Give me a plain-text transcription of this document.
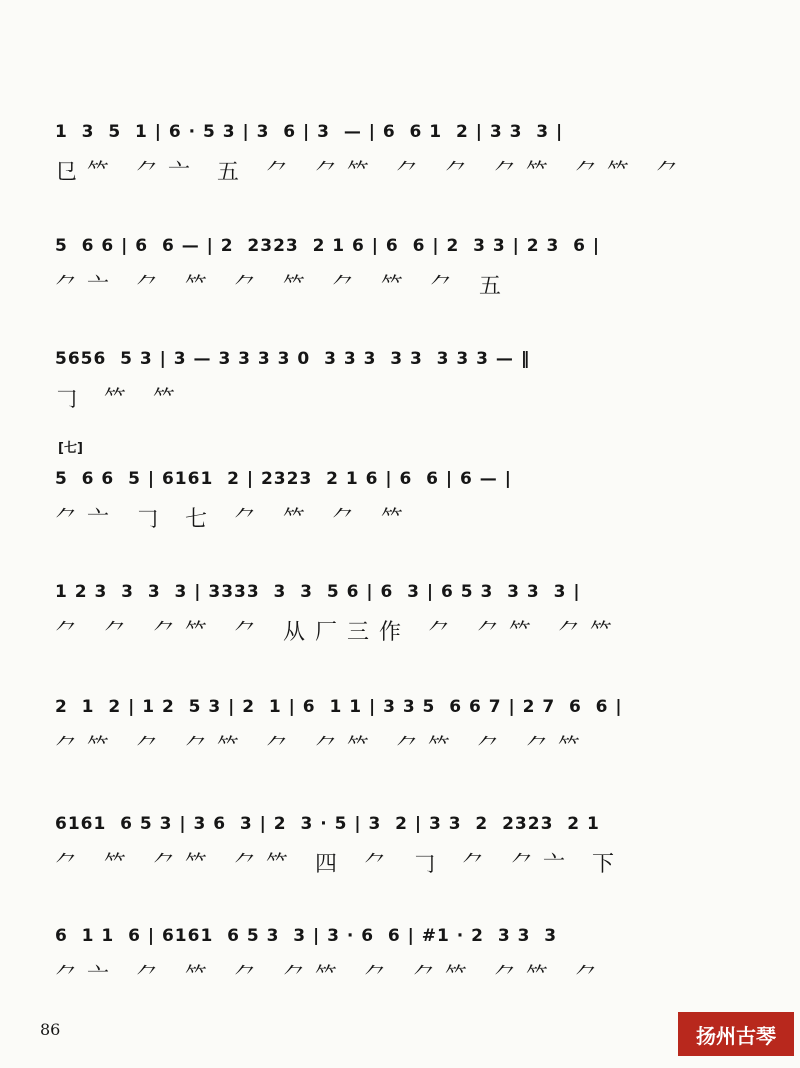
1  3  5  1 | 6 · 5 3 | 3  6 | 3  — | 6  6 1  2 | 3 3  3 |
㔾𥫗 ⺈亠 五 ⺈ ⺈𥫗 ⺈ ⺈ ⺈𥫗 ⺈𥫗 ⺈
5  6 6 | 6  6 — | 2  2323  2 1 6 | 6  6 | 2  3 3 | 2 3  6 |
⺈亠 ⺈ 𥫗 ⺈ 𥫗 ⺈ 𥫗 ⺈ 五
5656  5 3 | 3 — 3 3 3 3 0  3 3 3  3 3  3 3 3 — ‖
𠃌 𥫗 𥫗
[七]
5  6 6  5 | 6161  2 | 2323  2 1 6 | 6  6 | 6 — |
⺈亠 𠃌 七 ⺈ 𥫗 ⺈ 𥫗
1 2 3  3  3  3 | 3333  3  3  5 6 | 6  3 | 6 5 3  3 3  3 |
⺈ ⺈ ⺈𥫗 ⺈ 从厂三作 ⺈ ⺈𥫗 ⺈𥫗
2  1  2 | 1 2  5 3 | 2  1 | 6  1 1 | 3 3 5  6 6 7 | 2 7  6  6 |
⺈𥫗 ⺈ ⺈𥫗 ⺈ ⺈𥫗 ⺈𥫗 ⺈ ⺈𥫗
6161  6 5 3 | 3 6  3 | 2  3 · 5 | 3  2 | 3 3  2  2323  2 1
⺈ 𥫗 ⺈𥫗 ⺈𥫗 四 ⺈ 𠃌 ⺈ ⺈亠 下
6  1 1  6 | 6161  6 5 3  3 | 3 · 6  6 | #1 · 2  3 3  3
⺈亠 ⺈ 𥫗 ⺈ ⺈𥫗 ⺈ ⺈𥫗 ⺈𥫗 ⺈
86	扬州古琴
